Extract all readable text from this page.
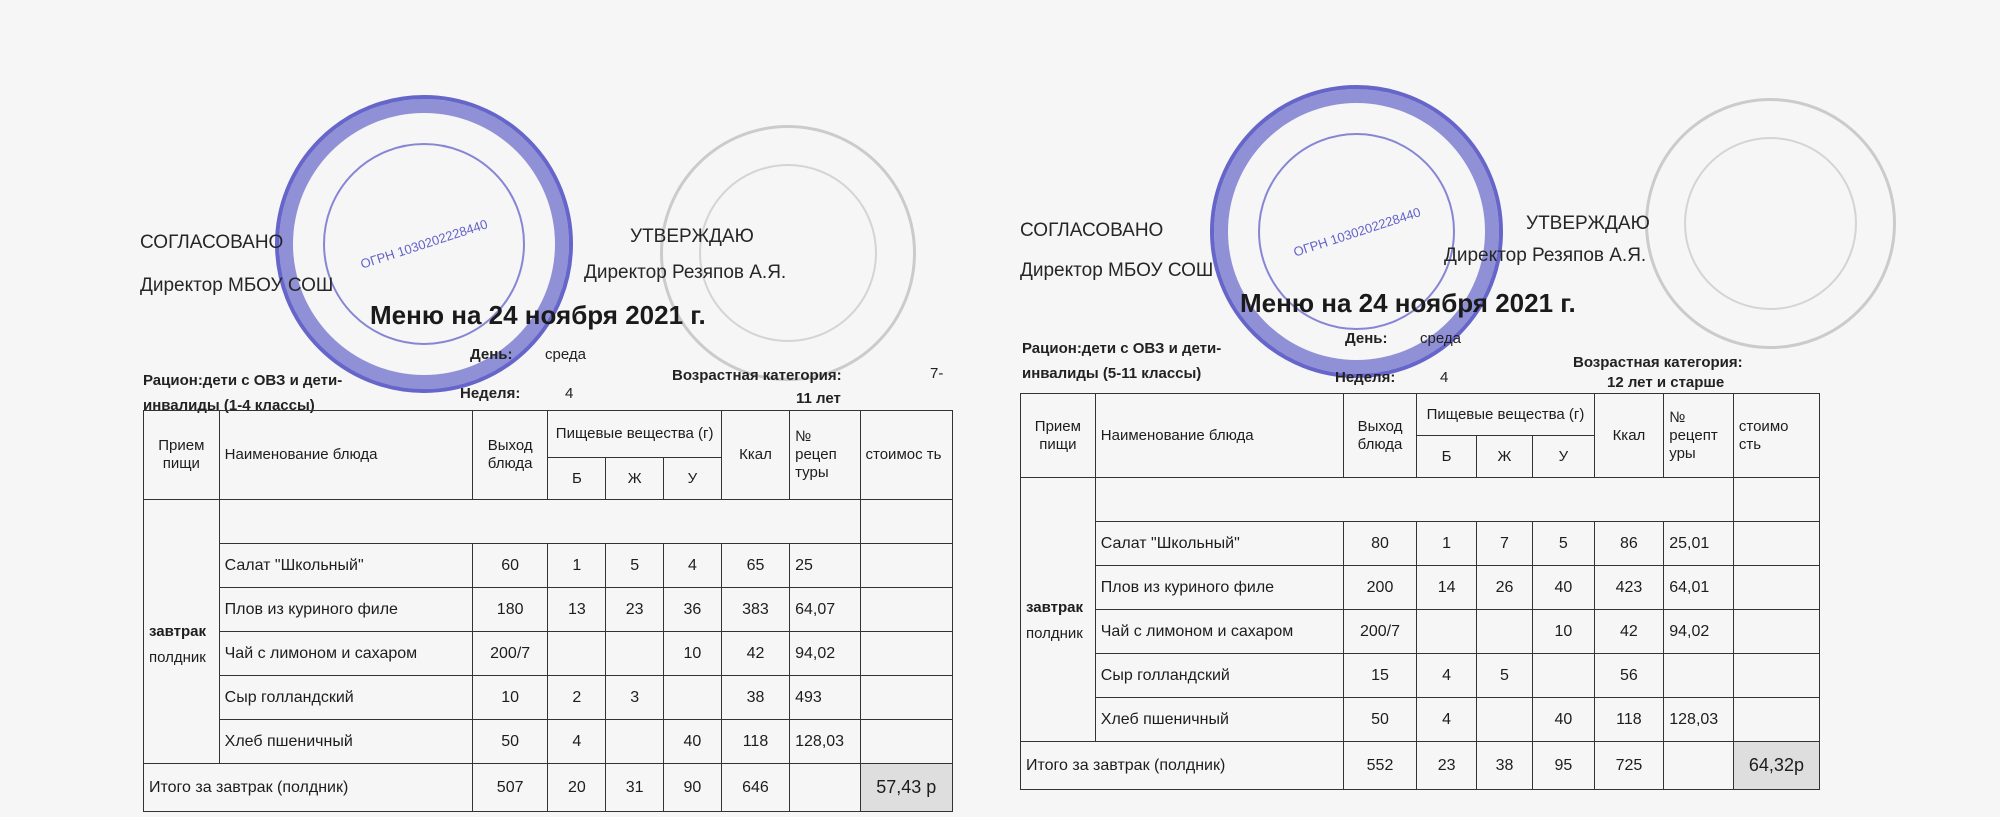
ОГРН 1030202228440
СОГЛАСОВАНО
Директор МБОУ СОШ
УТВЕРЖДАЮ
Директор Резяпов А.Я.
Меню на 24 ноября 2021 г.
День: среда
Неделя:	4
Рацион:дети с ОВЗ и дети-
инвалиды (1-4 классы)
Возрастная категория:	7-
11 лет
Прием пищи	Наименование блюда	Выход блюда	Пищевые вещества (г)			Ккал	№ рецеп туры	стоимос ть
			Б	Ж	У			

завтрак
полдник								

	Салат "Школьный"	60	1	5	4	65	25	
	Плов из куриного филе	180	13	23	36	383	64,07	
	Чай с лимоном и сахаром	200/7			10	42	94,02	
	Сыр голландский	10	2	3		38	493	
	Хлеб пшеничный	50	4		40	118	128,03	
Итого за завтрак (полдник)		507	20	31	90	646		57,43 р
ОГРН 1030202228440
СОГЛАСОВАНО
Директор МБОУ СОШ
УТВЕРЖДАЮ
Директор Резяпов А.Я.
Меню на 24 ноября 2021 г.
День: среда
Неделя:	4
Рацион:дети с ОВЗ и дети-
инвалиды (5-11 классы)
Возрастная категория:
12 лет и старше
Прием пищи	Наименование блюда	Выход блюда	Пищевые вещества (г)			Ккал	№ рецепт уры	стоимо сть
			Б	Ж	У			

завтрак
полдник								

	Салат "Школьный"	80	1	7	5	86	25,01	
	Плов из куриного филе	200	14	26	40	423	64,01	
	Чай с лимоном и сахаром	200/7			10	42	94,02	
	Сыр голландский	15	4	5		56		
	Хлеб пшеничный	50	4		40	118	128,03	
Итого за завтрак (полдник)		552	23	38	95	725		64,32р
